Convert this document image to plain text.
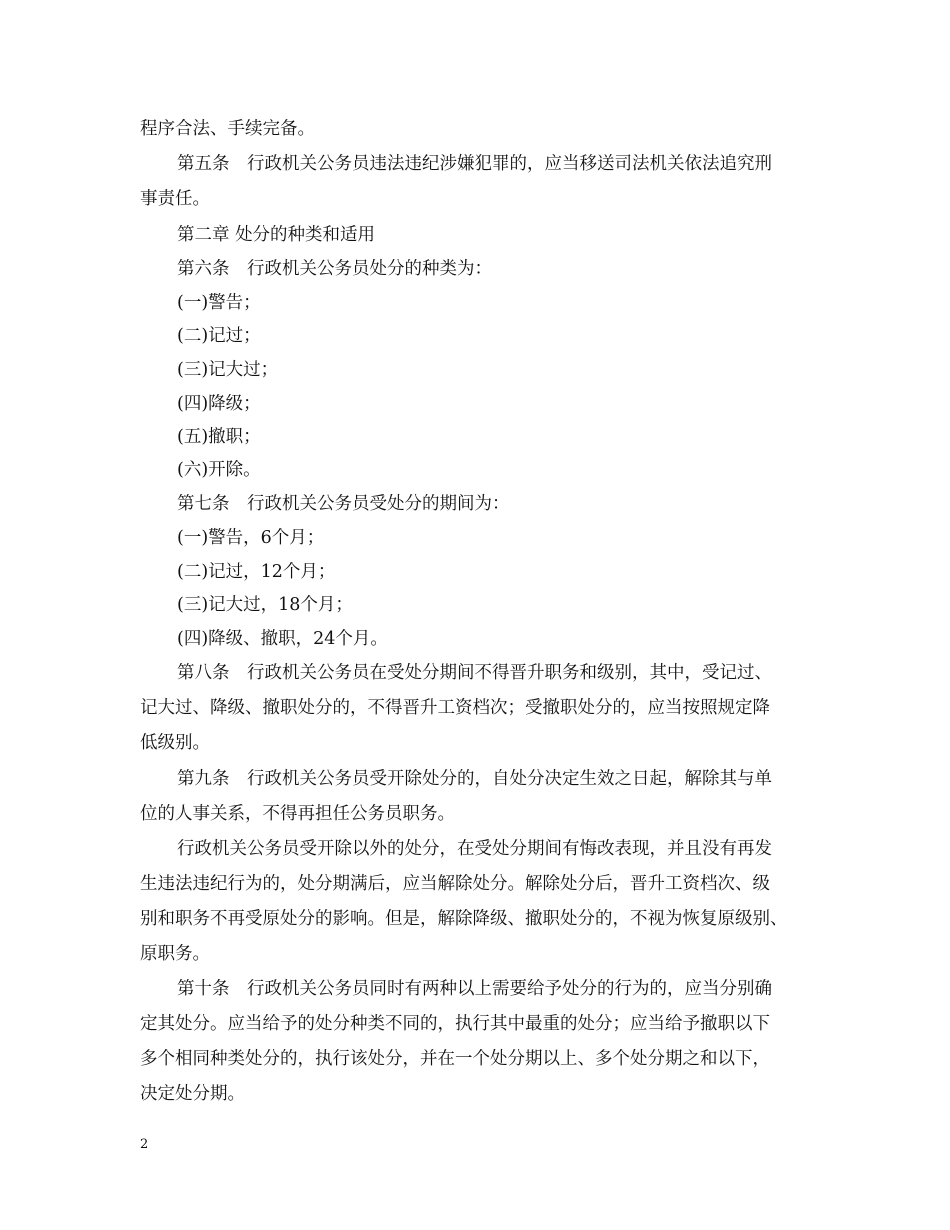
程序合法、手续完备。

第五条　行政机关公务员违法违纪涉嫌犯罪的，应当移送司法机关依法追究刑

事责任。

第二章 处分的种类和适用

第六条　行政机关公务员处分的种类为：

(一)警告；

(二)记过；

(三)记大过；

(四)降级；

(五)撤职；

(六)开除。

第七条　行政机关公务员受处分的期间为：

(一)警告，6个月；

(二)记过，12个月；

(三)记大过，18个月；

(四)降级、撤职，24个月。

第八条　行政机关公务员在受处分期间不得晋升职务和级别，其中，受记过、

记大过、降级、撤职处分的，不得晋升工资档次；受撤职处分的，应当按照规定降

低级别。

第九条　行政机关公务员受开除处分的，自处分决定生效之日起，解除其与单

位的人事关系，不得再担任公务员职务。

行政机关公务员受开除以外的处分，在受处分期间有悔改表现，并且没有再发

生违法违纪行为的，处分期满后，应当解除处分。解除处分后，晋升工资档次、级

别和职务不再受原处分的影响。但是，解除降级、撤职处分的，不视为恢复原级别、

原职务。

第十条　行政机关公务员同时有两种以上需要给予处分的行为的，应当分别确

定其处分。应当给予的处分种类不同的，执行其中最重的处分；应当给予撤职以下

多个相同种类处分的，执行该处分，并在一个处分期以上、多个处分期之和以下，

决定处分期。

2
